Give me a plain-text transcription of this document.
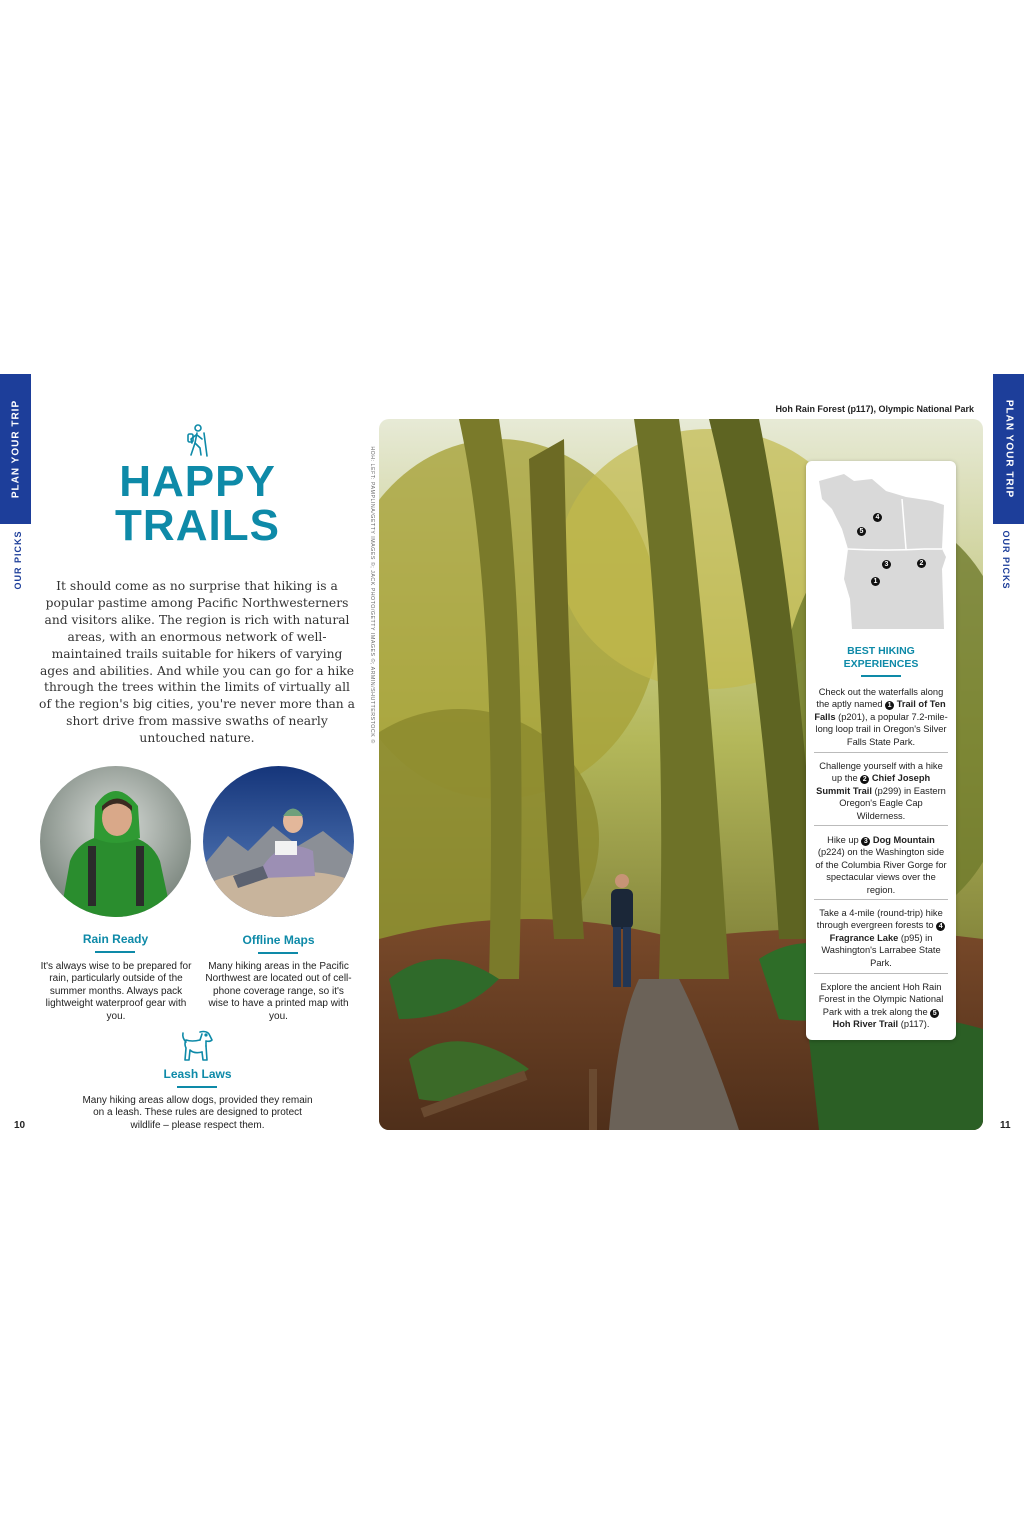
PLAN YOUR TRIP
OUR PICKS
PLAN YOUR TRIP
OUR PICKS
HAPPY
TRAILS
It should come as no surprise that hiking is a popular pastime among Pacific Northwesterners and visitors alike. The region is rich with natural areas, with an enormous network of well-maintained trails suitable for hikers of varying ages and abilities. And while you can go for a hike through the trees within the limits of virtually all of the region's big cities, you're never more than a short drive from massive swaths of nearly untouched nature.
Rain Ready
It's always wise to be prepared for rain, particularly outside of the summer months. Always pack lightweight waterproof gear with you.
Offline Maps
Many hiking areas in the Pacific Northwest are located out of cell-phone coverage range, so it's wise to have a printed map with you.
Leash Laws
Many hiking areas allow dogs, provided they remain on a leash. These rules are designed to protect wildlife – please respect them.
10	11
Hoh Rain Forest (p117), Olympic National Park
HOH: LEFT: PAMPLINA/GETTY IMAGES ©; JACK PHOTO/GETTY IMAGES ©; ARMIN/SHUTTERSTOCK ©	4
5
3	2
1
BEST HIKING
EXPERIENCES
Check out the waterfalls along the aptly named 1 Trail of Ten Falls (p201), a popular 7.2-mile-long loop trail in Oregon's Silver Falls State Park.
Challenge yourself with a hike up the 2 Chief Joseph Summit Trail (p299) in Eastern Oregon's Eagle Cap Wilderness.
Hike up 3 Dog Mountain (p224) on the Washington side of the Columbia River Gorge for spectacular views over the region.
Take a 4-mile (round-trip) hike through evergreen forests to 4 Fragrance Lake (p95) in Washington's Larrabee State Park.
Explore the ancient Hoh Rain Forest in the Olympic National Park with a trek along the 5 Hoh River Trail (p117).
